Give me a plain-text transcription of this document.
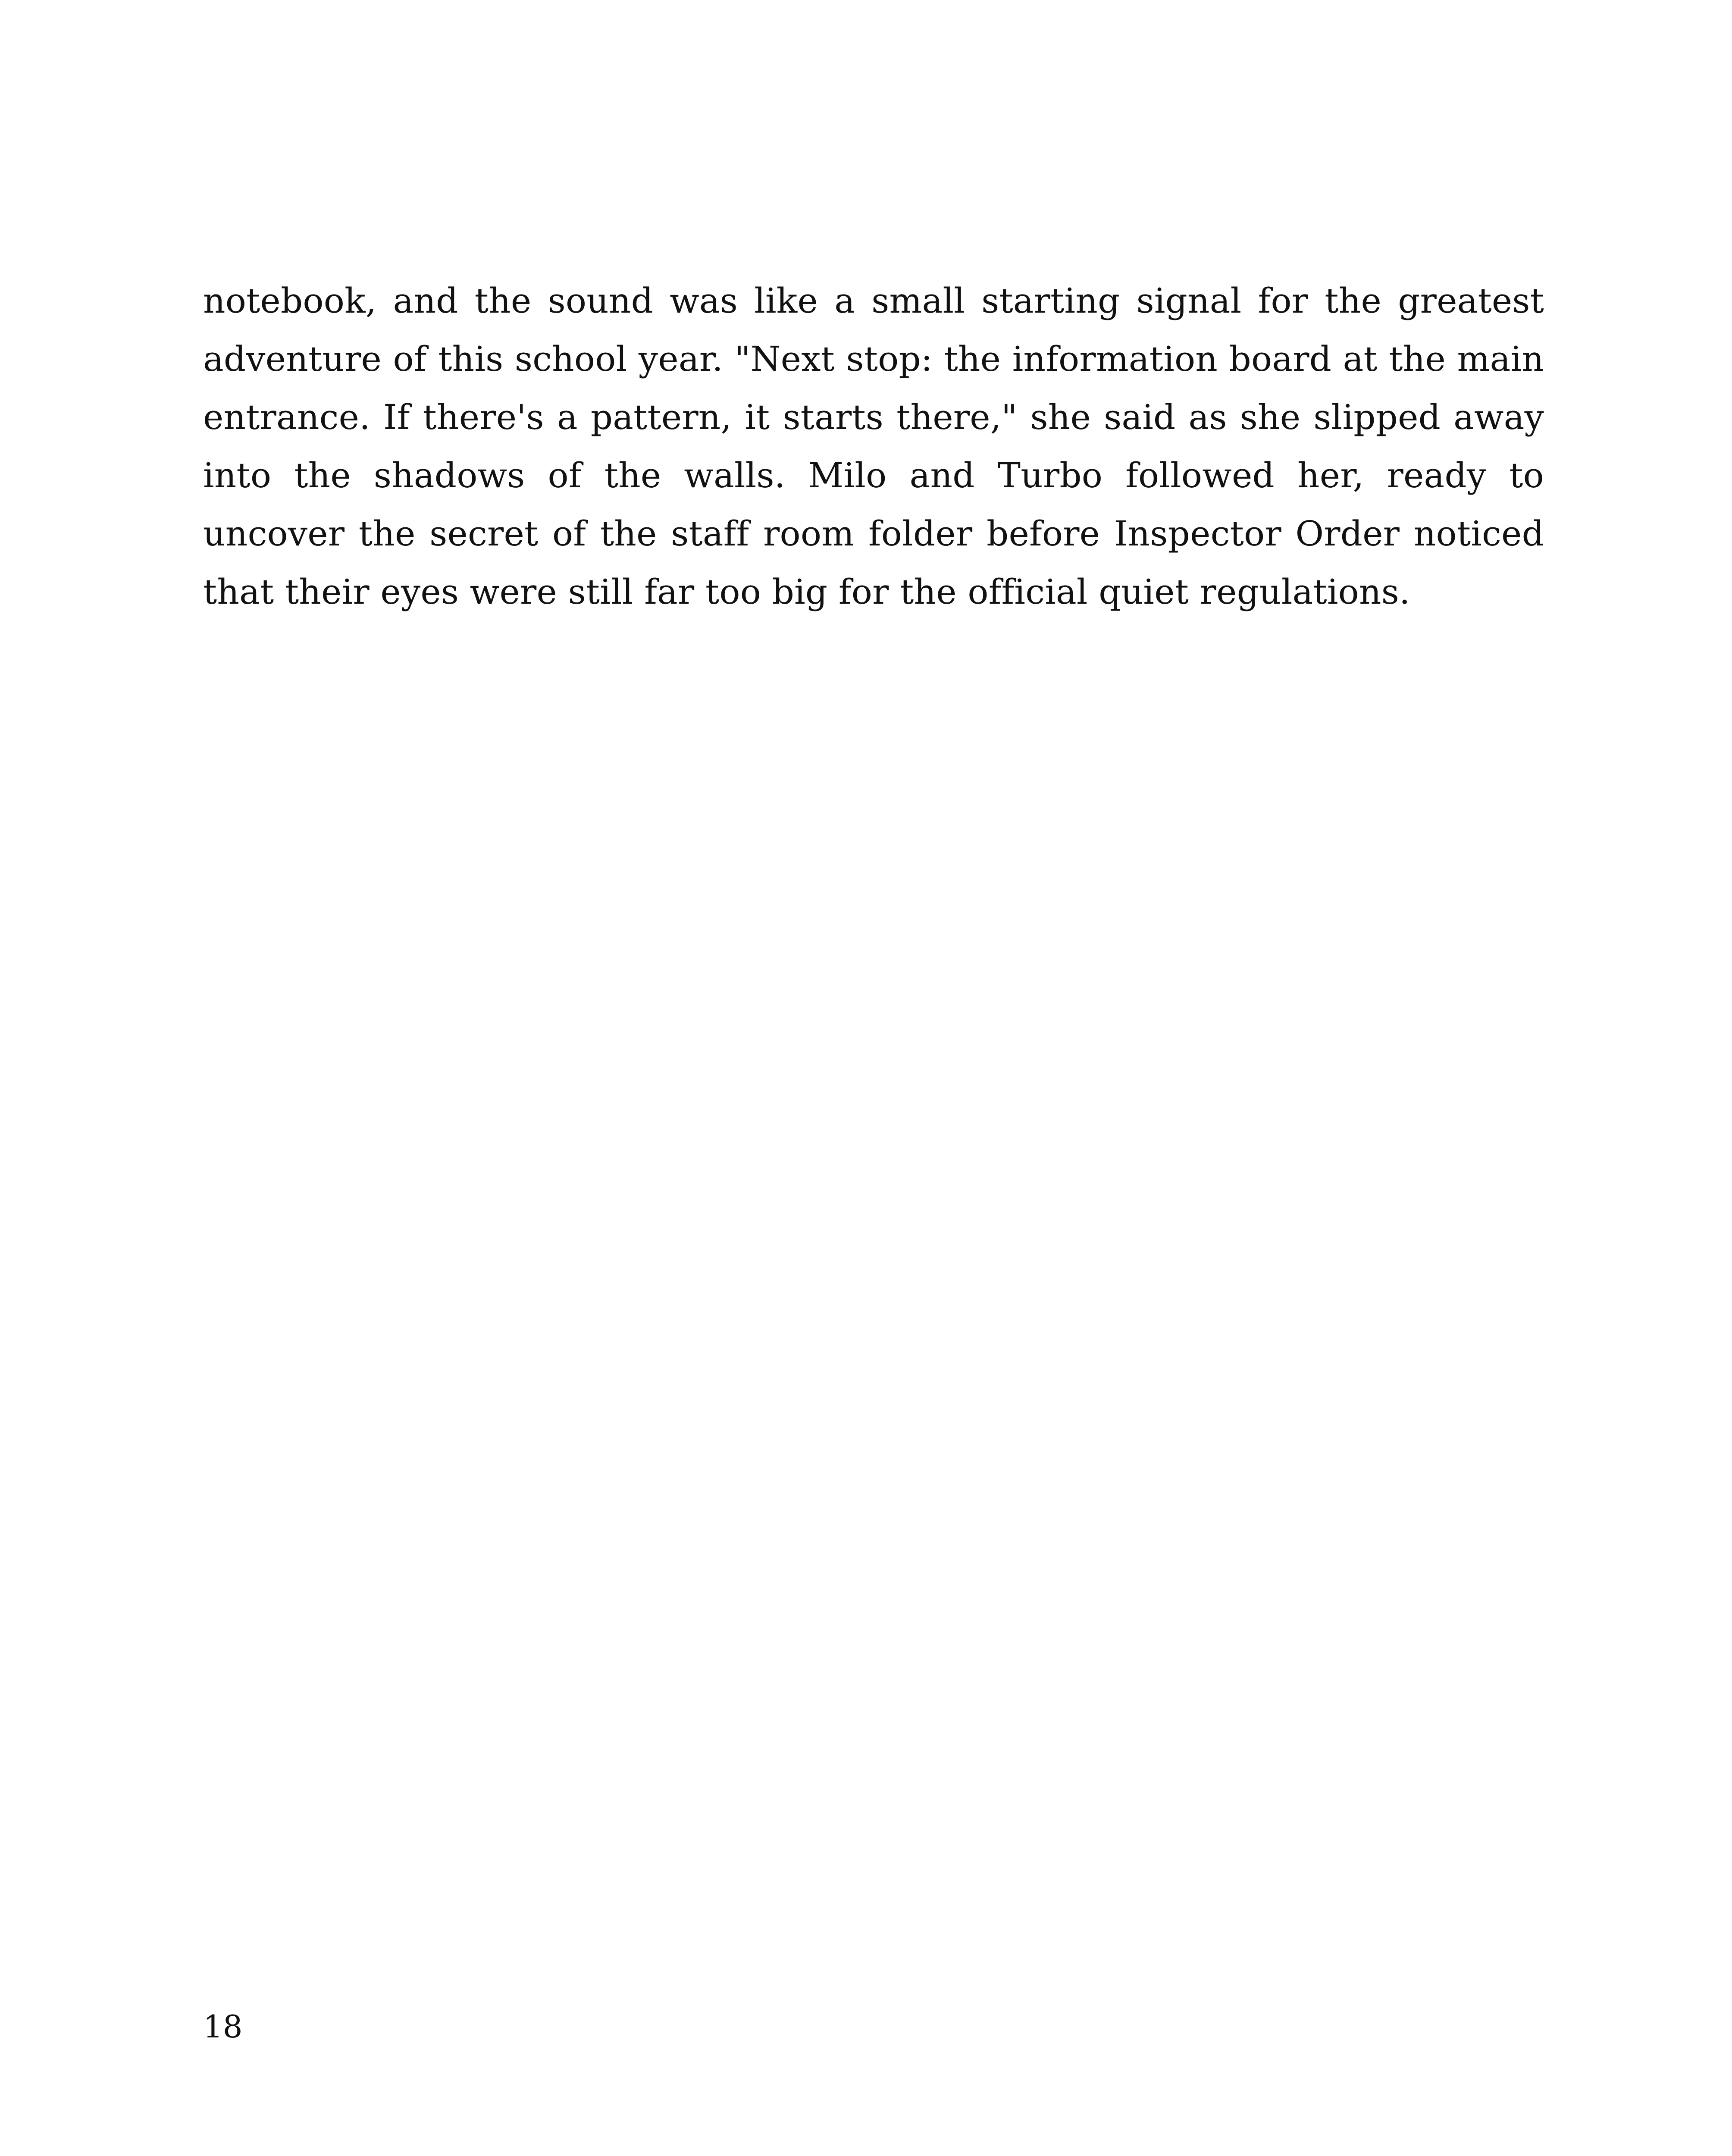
notebook, and the sound was like a small starting signal for the greatest adventure of this school year. "Next stop: the information board at the main entrance. If there's a pattern, it starts there," she said as she slipped away into the shadows of the walls. Milo and Turbo followed her, ready to uncover the secret of the staff room folder before Inspector Order noticed that their eyes were still far too big for the official quiet regulations.

18
